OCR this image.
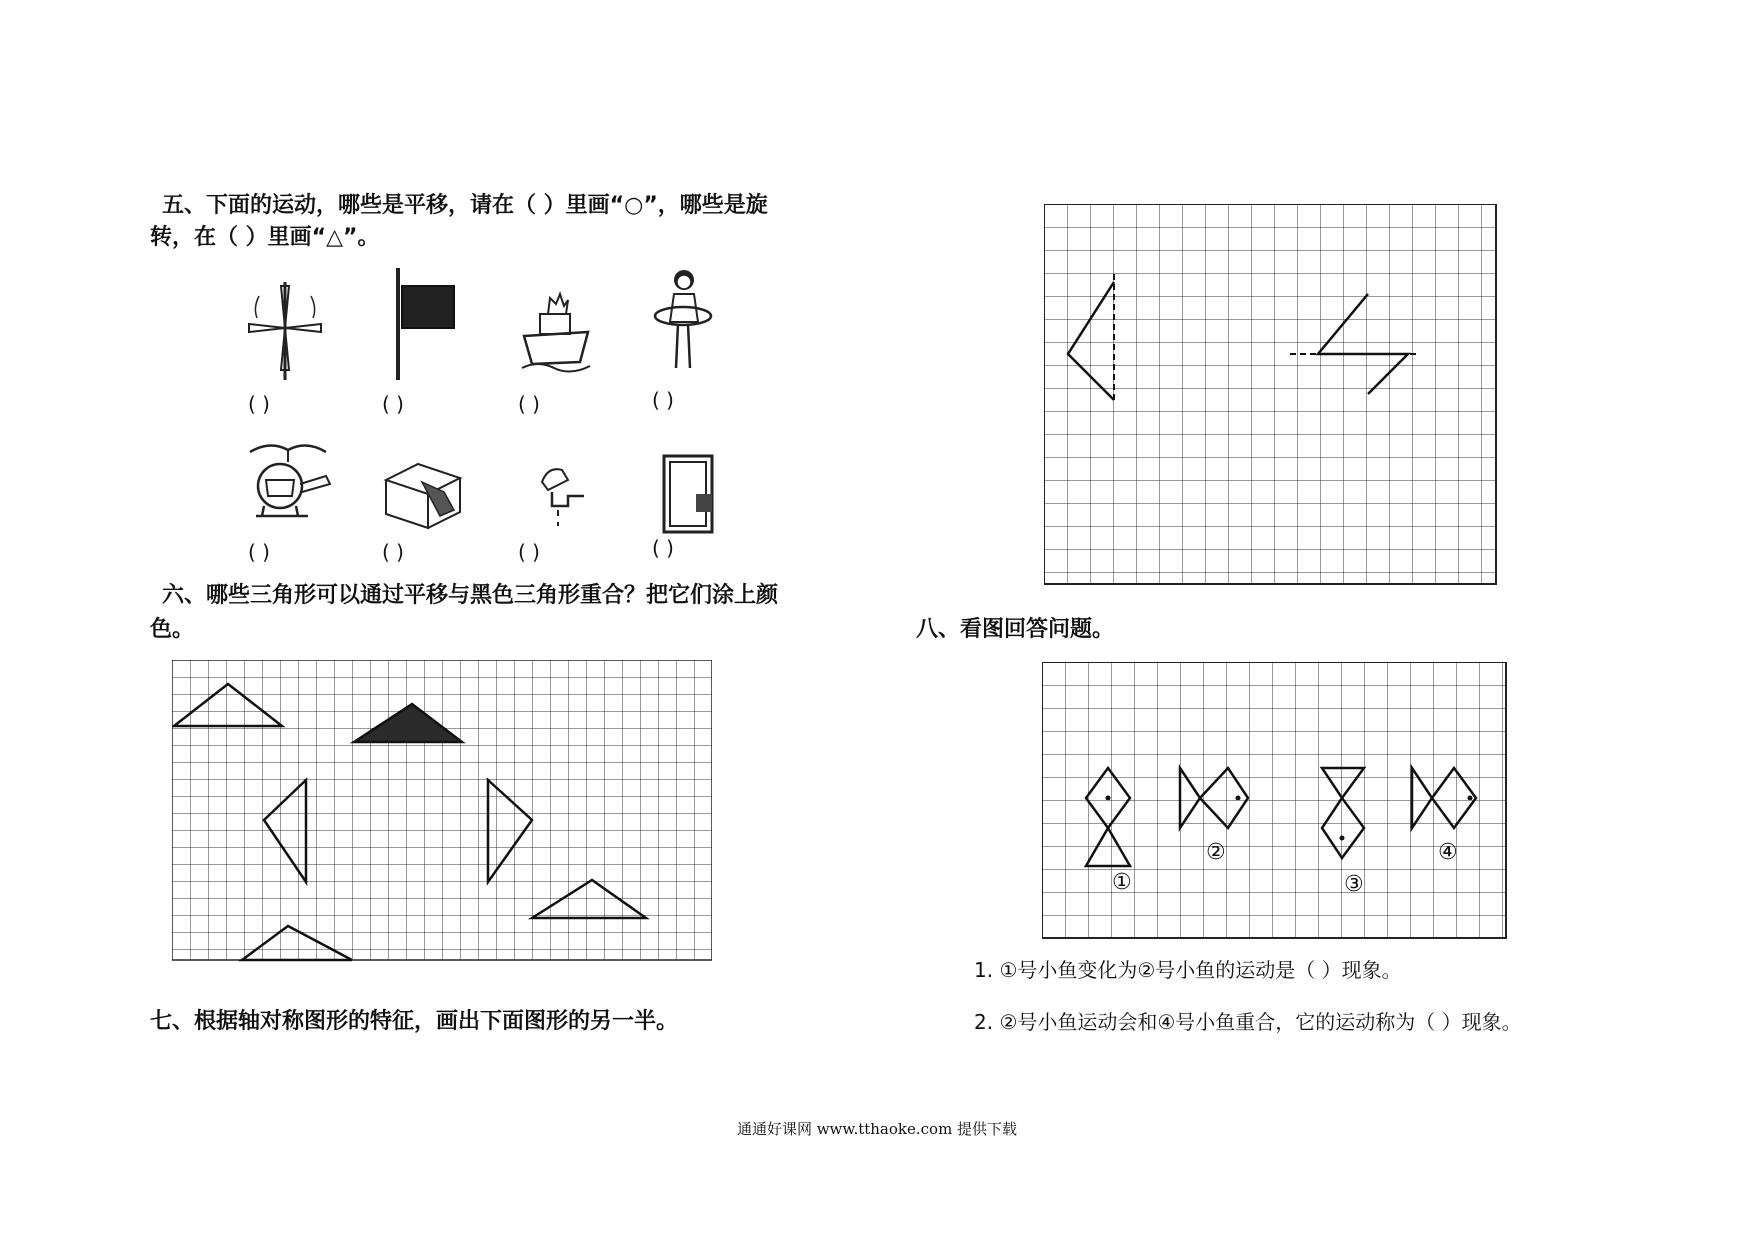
五、下面的运动，哪些是平移，请在（ ）里画“○”，哪些是旋
转，在（ ）里画“△”。
( )	( )	( )	( )
( )	( )	( )	( )
六、哪些三角形可以通过平移与黑色三角形重合？把它们涂上颜
色。
七、根据轴对称图形的特征，画出下面图形的另一半。
八、看图回答问题。
①
②
③
④
1. ①号小鱼变化为②号小鱼的运动是（ ）现象。
2. ②号小鱼运动会和④号小鱼重合，它的运动称为（ ）现象。
通通好课网 www.tthaoke.com 提供下载
